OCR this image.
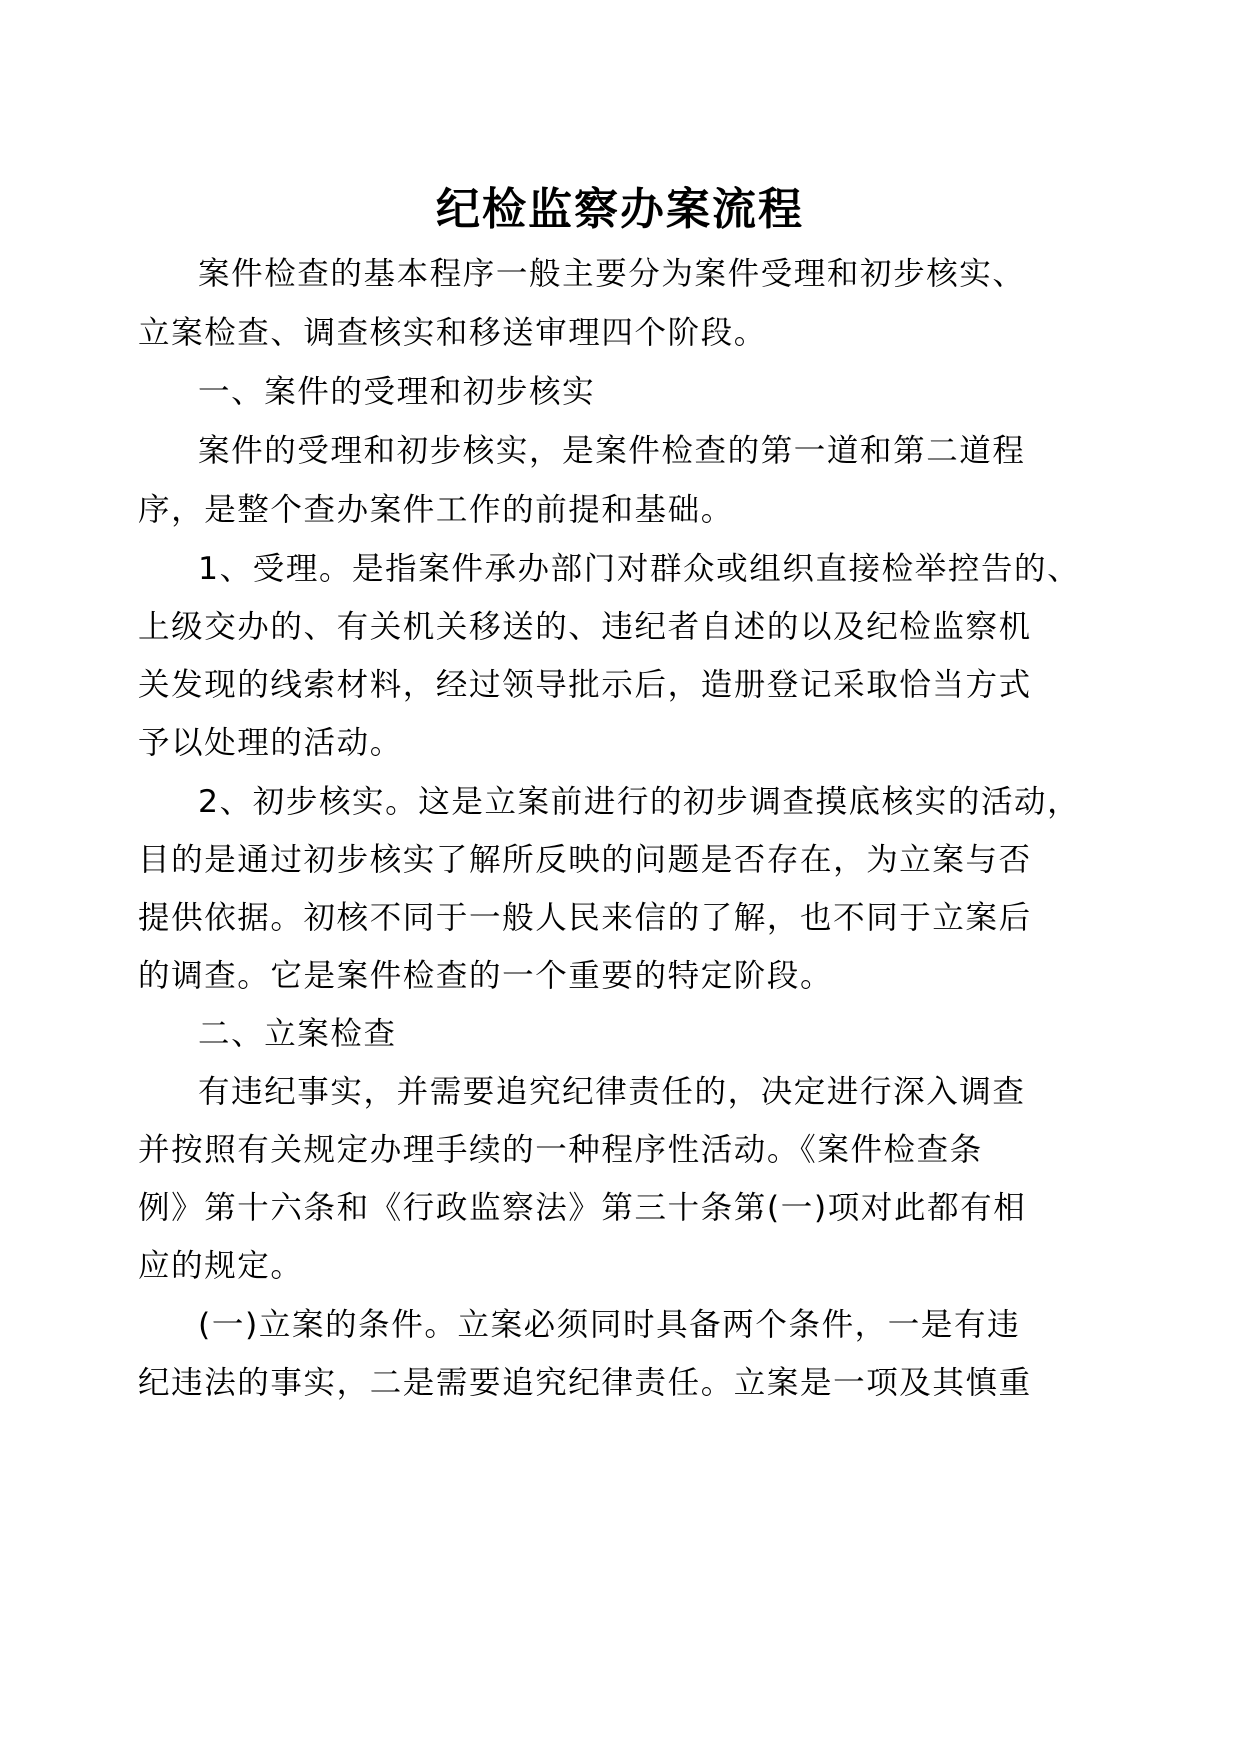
纪检监察办案流程
案件检查的基本程序一般主要分为案件受理和初步核实、
立案检查、调查核实和移送审理四个阶段。
一、案件的受理和初步核实
案件的受理和初步核实，是案件检查的第一道和第二道程
序，是整个查办案件工作的前提和基础。
1、受理。是指案件承办部门对群众或组织直接检举控告的、
上级交办的、有关机关移送的、违纪者自述的以及纪检监察机
关发现的线索材料，经过领导批示后，造册登记采取恰当方式
予以处理的活动。
2、初步核实。这是立案前进行的初步调查摸底核实的活动，
目的是通过初步核实了解所反映的问题是否存在，为立案与否
提供依据。初核不同于一般人民来信的了解，也不同于立案后
的调查。它是案件检查的一个重要的特定阶段。
二、立案检查
有违纪事实，并需要追究纪律责任的，决定进行深入调查
并按照有关规定办理手续的一种程序性活动。《案件检查条
例》第十六条和《行政监察法》第三十条第(一)项对此都有相
应的规定。
(一)立案的条件。立案必须同时具备两个条件，一是有违
纪违法的事实，二是需要追究纪律责任。立案是一项及其慎重
